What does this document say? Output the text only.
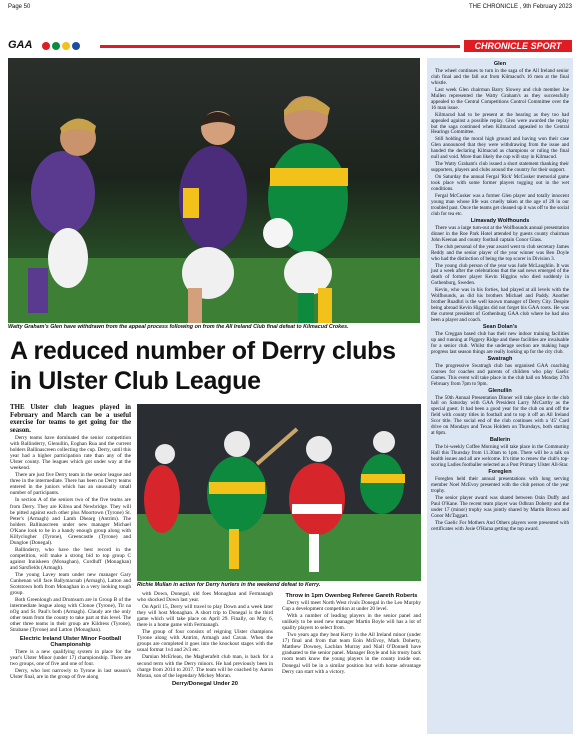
Page 50	THE CHRONICLE , 9th February 2023
GAA	CHRONICLE SPORT
Watty Graham's Glen have withdrawn from the appeal process following on from the All Ireland Club final defeat to Kilmacud Crokes.
A reduced number of Derry clubs in Ulster Club League
THE Ulster club leagues played in February and March can be a useful exercise for teams to get going for the season.

Derry teams have dominated the senior competition with Ballinderry, Glenullin, Eoghan Rua and the current holders Ballinascreen collecting the cup. Derry, until this year had a higher participation rate than any of the Ulster county. The leagues which got under way at the weekend.

There are just five Derry team in the senior league and three in the intermediate. There has been no Derry teams entered in the juniors which has an unusually small number of participants.

In section A of the seniors two of the five teams are from Derry. They are Kilrea and Newbridge. They will be pitted against each other plus Moortown (Tyrone) St. Peter's (Armagh) and Lamh Dhearg (Antrim). The holders Ballinascreen under new manager Michael O'Kane look to be in a handy enough group along with Killyclogher (Tyrone), Greencastle (Tyrone) and Dungloe (Donegal).

Ballinderry, who have the best record in the competition, will make a strong bid to top group C against Inniskeen (Monaghan), Cordluff (Monaghan) and Sarsfields (Armagh).

The young Lavey team under new manager Gary Cunhenan will face Ballymacnab (Armagh), Latton and Scotstown both from Monaghan in a very looking tough group.

Both Greenlough and Drumsurn are in Group B of the intermediate league along with Clonoe (Tyrone), Tir na nOg and St. Paul's both (Armagh). Claudy are the only other team from the county to take part at this level. The other three teams in their group are Kildress (Tyrone), Strabane (Tyrone) and Latton (Monaghan).

Electric Ireland Ulster Minor Football Championship

There is a new qualifying system in place for the year's Ulster Minor (under 17) championship. There are two groups, one of five and one of four.

Derry, who lost narrowly to Tyrone in last season's Ulster final, are in the group of five along

Richie Mullan in action for Derry hurlers in the weekend defeat to Kerry.

with Down, Donegal, old foes Monaghan and Fermanagh who shocked Down last year.

On April 15, Derry will travel to play Down and a week later they will host Monaghan. A short trip to Donegal is the third game which will take place on April 29. Finally, on May 6, there is a home game with Fermanagh.

The group of four consists of reigning Ulster champions Tyrone along with Antrim, Armagh and Cavan. When the groups are completed it goes into the knockout stages with the usual format 1v4 and 2v3 etc.

Damian McErlean, the Magherafelt club man, is back for a second term with the Derry minors. He had previously been in charge from 2014 to 2017. The team will be coached by Aaron Moran, son of the legendary Mickey Moran.

Derry/Donegal Under 20
Throw in 1pm Owenbeg Referee Gareth Roberts

Derry will meet North West rivals Donegal in the Leo Murphy Cup a development competition at under 20 level.

With a number of leading players in the senior panel and unlikely to be used new manager Martin Boyle will has a lot of quality players to select from.

Two years ago they beat Kerry in the All Ireland minor (under 17) final and from that team Eoin McEvoy, Mark Doherty, Matthew Downey, Lachlan Murray and Niall O'Donnell have graduated to the senior panel. Manager Boyle and his trusty back room team know the young players in the county inside out. Donegal will be in a similar position but with home advantage Derry can start with a victory.

Glen

The wheel continues to turn in the saga of the All Ireland senior club final and the fall out from Kilmacud's 16 men at the final whistle.

Last week Glen chairman Barry Slowey and club member Joe Mullen represented the Watty Graham's as they successfully appealed to the Central Competitions Control Committee over the 16 man issue.

Kilmacud had to be present at the hearing as they too had appealed against a possible replay. Glen were awarded the replay but the saga continued when Kilmacud appealed to the Central Hearings Committee.

Still holding the moral high ground and having won their case Glen announced that they were withdrawing from the issue and handed the declaring Kilmacud as champions or ruling the final null and void. More than likely the cup will stay in Kilmacud.

The Watty Graham's club issued a short statement thanking their supporters, players and clubs around the country for their support.

On Saturday the annual Fergal 'Rick' McCusker memorial game took place with some former players togging out in the wet conditions.

Fergal McCusker was a former Glen player and totally innocent young man whose life was cruelly taken at the age of 28 in our troubled past. Once the teams get cleaned up it was off to the social club for tea etc.

Limavady Wolfhounds

There was a large turn-out at the Wolfhounds annual presentation dinner in the Roe Park Hotel attended by guests county chairman John Keenan and county football captain Conor Glass.

The club personal of the year award went to club secretary James Reddy and the senior player of the year winner was Ben Doyle who had the distinction of being the top scorer in Division 3.

The young club person of the year was Jude McLaughlin. It was just a week after the celebrations that the sad news emerged of the death of former player Kevin Higgins who died suddenly in Gothenburg, Sweden.

Kevin, who was in his forties, had played at all levels with the Wolfhounds, as did his brothers Michael and Paddy. Another brother Ruadhri is the well known manager of Derry City. Despite being abroad Kevin Higgins did not forget his GAA roots. He was the current president of Gothenburg GAA club where he had also been a player and coach.

Sean Dolan's

The Creggan based club has their new indoor training facilities up and running at Piggery Ridge and these facilities are invaluable for a senior club. Whilst the underage section are making huge progress last season things are really looking up for the city club.

Swatragh

The progressive Swatragh club has organised GAA coaching courses for coaches and parents of children who play Gaelic Games. This event will take place in the club hall on Monday 27th February from 7pm to 9pm.

Glenullin

The 50th Annual Presentation Dinner will take place in the club hall on Saturday with GAA President Larry McCarthy as the special guest. It had been a good year for the club on and off the field with county titles in football and to top it off an All Ireland Scor title. The social end of the club continues with a '45' Card drive on Mondays and Texas Holdem on Thursdays, both starting at 8pm.

Ballerin

The bi-weekly Coffee Morning will take place in the Community Hall this Thursday from 11.30am to 1pm. There will be a talk on health issues and all are welcome. It's time to renew the club's top-scoring Ladies footballer selected as a Post Primary Ulster All-Star.

Foreglen

Foreglen held their annual presentations with long serving member Noel McEvoy presented with the club person of the year trophy.

The senior player award was shared between Orán Duffy and Paul O'Kane. The recent team player was Odhran Doherty and the under 17 (minor) trophy was jointly shared by Martin Brown and Conor McTaggart.

The Gaelic For Mothers And Others players were presented with certificates with Josie O'Haraa getting the top award.
